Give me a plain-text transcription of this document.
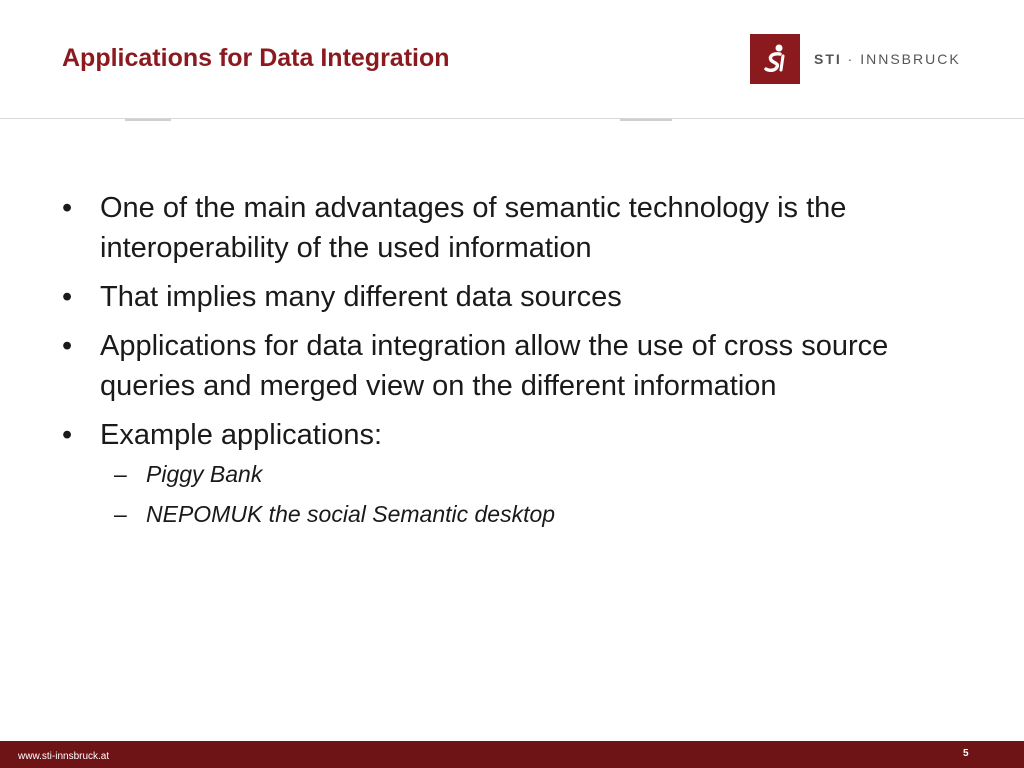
Applications for Data Integration	STI · INNSBRUCK
• One of the main advantages of semantic technology is the interoperability of the used information
• That implies many different data sources
• Applications for data integration allow the use of cross source queries and merged view on the different information
• Example applications:
– Piggy Bank
– NEPOMUK the social Semantic desktop
www.sti-innsbruck.at	5
